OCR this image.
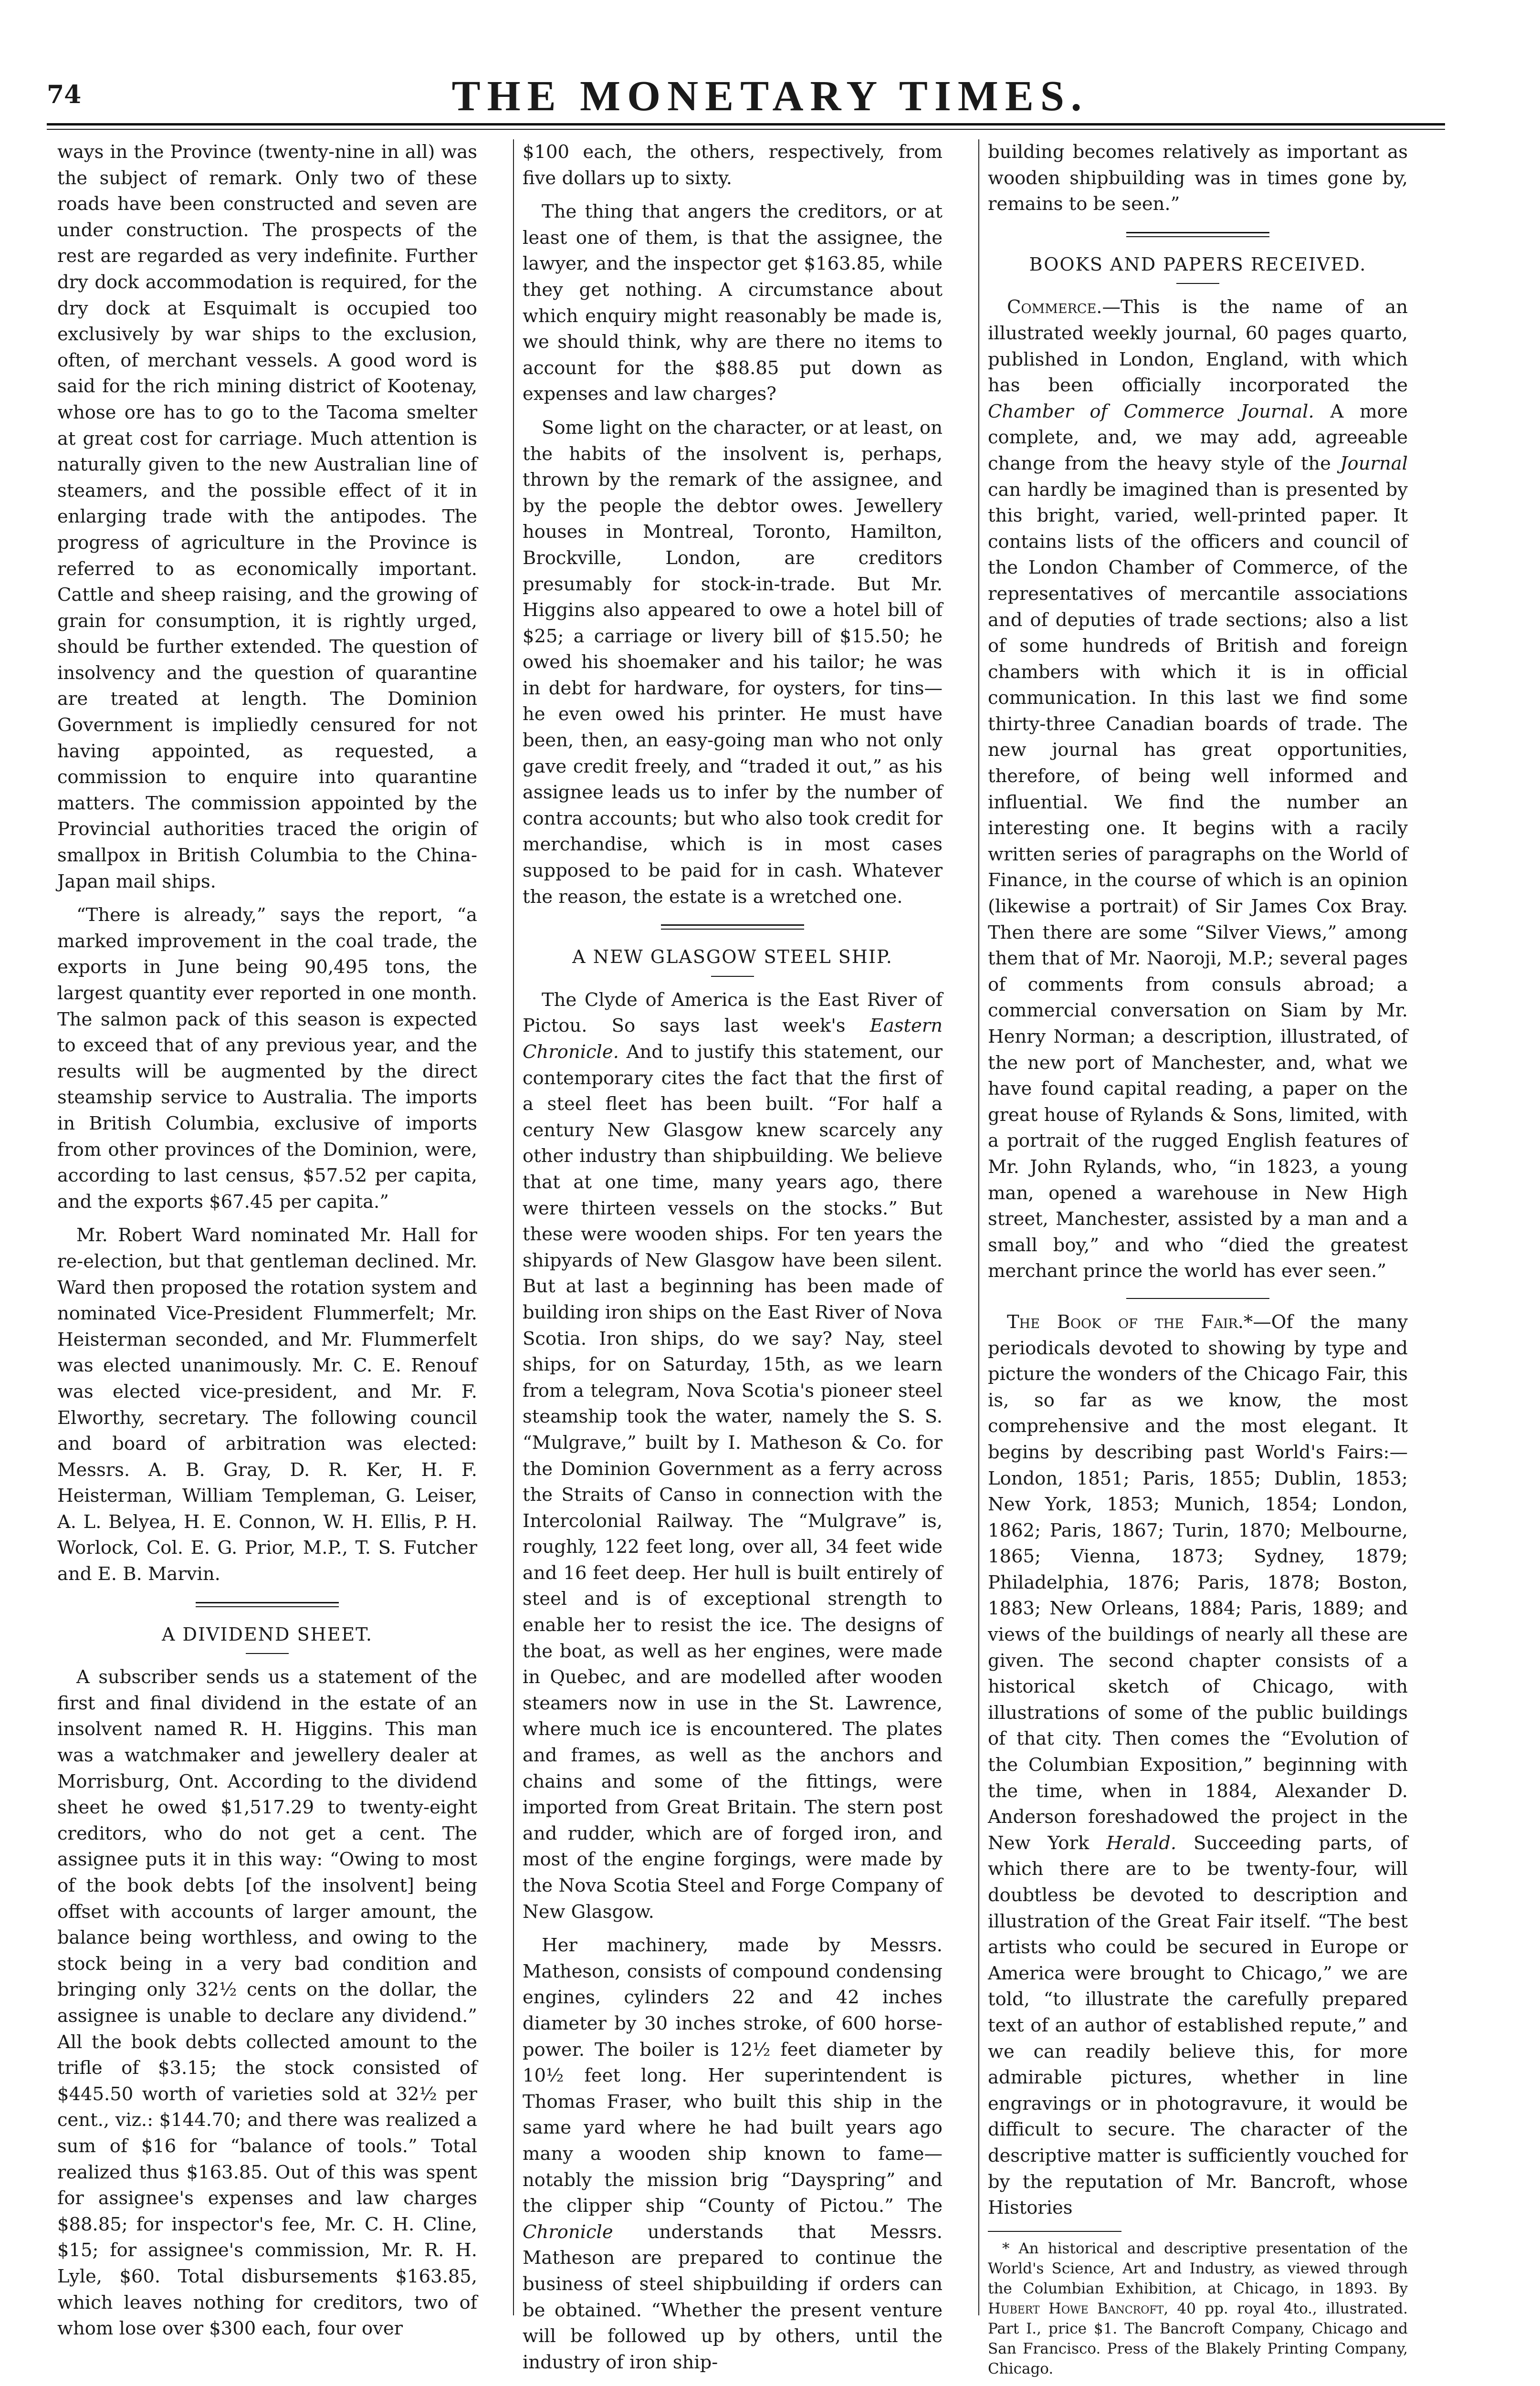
74	THE MONETARY TIMES.

ways in the Province (twenty-nine in all) was the subject of remark. Only two of these roads have been constructed and seven are under construction. The prospects of the rest are regarded as very indefinite. Further dry dock accommodation is required, for the dry dock at Esquimalt is occupied too exclusively by war ships to the exclusion, often, of merchant vessels. A good word is said for the rich mining district of Kootenay, whose ore has to go to the Tacoma smelter at great cost for carriage. Much attention is naturally given to the new Australian line of steamers, and the possible effect of it in enlarging trade with the antipodes. The progress of agriculture in the Province is referred to as economically important. Cattle and sheep raising, and the growing of grain for consumption, it is rightly urged, should be further extended. The question of insolvency and the question of quarantine are treated at length. The Dominion Government is impliedly censured for not having appointed, as requested, a commission to enquire into quarantine matters. The commission appointed by the Provincial authorities traced the origin of smallpox in British Columbia to the China-Japan mail ships.

“There is already,” says the report, “a marked improvement in the coal trade, the exports in June being 90,495 tons, the largest quantity ever reported in one month. The salmon pack of this season is expected to exceed that of any previous year, and the results will be augmented by the direct steamship service to Australia. The imports in British Columbia, exclusive of imports from other provinces of the Dominion, were, according to last census, $57.52 per capita, and the exports $67.45 per capita.”

Mr. Robert Ward nominated Mr. Hall for re-election, but that gentleman declined. Mr. Ward then proposed the rotation system and nominated Vice-President Flummerfelt; Mr. Heisterman seconded, and Mr. Flummerfelt was elected unanimously. Mr. C. E. Renouf was elected vice-president, and Mr. F. Elworthy, secretary. The following council and board of arbitration was elected: Messrs. A. B. Gray, D. R. Ker, H. F. Heisterman, William Templeman, G. Leiser, A. L. Belyea, H. E. Connon, W. H. Ellis, P. H. Worlock, Col. E. G. Prior, M.P., T. S. Futcher and E. B. Marvin.

A DIVIDEND SHEET.

A subscriber sends us a statement of the first and final dividend in the estate of an insolvent named R. H. Higgins. This man was a watchmaker and jewellery dealer at Morrisburg, Ont. According to the dividend sheet he owed $1,517.29 to twenty-eight creditors, who do not get a cent. The assignee puts it in this way: “Owing to most of the book debts [of the insolvent] being offset with accounts of larger amount, the balance being worthless, and owing to the stock being in a very bad condition and bringing only 32½ cents on the dollar, the assignee is unable to declare any dividend.” All the book debts collected amount to the trifle of $3.15; the stock consisted of $445.50 worth of varieties sold at 32½ per cent., viz.: $144.70; and there was realized a sum of $16 for “balance of tools.” Total realized thus $163.85. Out of this was spent for assignee's expenses and law charges $88.85; for inspector's fee, Mr. C. H. Cline, $15; for assignee's commission, Mr. R. H. Lyle, $60. Total disbursements $163.85, which leaves nothing for creditors, two of whom lose over $300 each, four over

$100 each, the others, respectively, from five dollars up to sixty.

The thing that angers the creditors, or at least one of them, is that the assignee, the lawyer, and the inspector get $163.85, while they get nothing. A circumstance about which enquiry might reasonably be made is, we should think, why are there no items to account for the $88.85 put down as expenses and law charges?

Some light on the character, or at least, on the habits of the insolvent is, perhaps, thrown by the remark of the assignee, and by the people the debtor owes. Jewellery houses in Montreal, Toronto, Hamilton, Brockville, London, are creditors presumably for stock-in-trade. But Mr. Higgins also appeared to owe a hotel bill of $25; a carriage or livery bill of $15.50; he owed his shoemaker and his tailor; he was in debt for hardware, for oysters, for tins—he even owed his printer. He must have been, then, an easy-going man who not only gave credit freely, and “traded it out,” as his assignee leads us to infer by the number of contra accounts; but who also took credit for merchandise, which is in most cases supposed to be paid for in cash. Whatever the reason, the estate is a wretched one.

A NEW GLASGOW STEEL SHIP.

The Clyde of America is the East River of Pictou. So says last week's Eastern Chronicle. And to justify this statement, our contemporary cites the fact that the first of a steel fleet has been built. “For half a century New Glasgow knew scarcely any other industry than shipbuilding. We believe that at one time, many years ago, there were thirteen vessels on the stocks.” But these were wooden ships. For ten years the shipyards of New Glasgow have been silent. But at last a beginning has been made of building iron ships on the East River of Nova Scotia. Iron ships, do we say? Nay, steel ships, for on Saturday, 15th, as we learn from a telegram, Nova Scotia's pioneer steel steamship took the water, namely the S. S. “Mulgrave,” built by I. Matheson & Co. for the Dominion Government as a ferry across the Straits of Canso in connection with the Intercolonial Railway. The “Mulgrave” is, roughly, 122 feet long, over all, 34 feet wide and 16 feet deep. Her hull is built entirely of steel and is of exceptional strength to enable her to resist the ice. The designs of the boat, as well as her engines, were made in Quebec, and are modelled after wooden steamers now in use in the St. Lawrence, where much ice is encountered. The plates and frames, as well as the anchors and chains and some of the fittings, were imported from Great Britain. The stern post and rudder, which are of forged iron, and most of the engine forgings, were made by the Nova Scotia Steel and Forge Company of New Glasgow.

Her machinery, made by Messrs. Matheson, consists of compound condensing engines, cylinders 22 and 42 inches diameter by 30 inches stroke, of 600 horse-power. The boiler is 12½ feet diameter by 10½ feet long. Her superintendent is Thomas Fraser, who built this ship in the same yard where he had built years ago many a wooden ship known to fame—notably the mission brig “Dayspring” and the clipper ship “County of Pictou.” The Chronicle understands that Messrs. Matheson are prepared to continue the business of steel shipbuilding if orders can be obtained. “Whether the present venture will be followed up by others, until the industry of iron ship-

building becomes relatively as important as wooden shipbuilding was in times gone by, remains to be seen.”

BOOKS AND PAPERS RECEIVED.

Commerce.—This is the name of an illustrated weekly journal, 60 pages quarto, published in London, England, with which has been officially incorporated the Chamber of Commerce Journal. A more complete, and, we may add, agreeable change from the heavy style of the Journal can hardly be imagined than is presented by this bright, varied, well-printed paper. It contains lists of the officers and council of the London Chamber of Commerce, of the representatives of mercantile associations and of deputies of trade sections; also a list of some hundreds of British and foreign chambers with which it is in official communication. In this last we find some thirty-three Canadian boards of trade. The new journal has great opportunities, therefore, of being well informed and influential. We find the number an interesting one. It begins with a racily written series of paragraphs on the World of Finance, in the course of which is an opinion (likewise a portrait) of Sir James Cox Bray. Then there are some “Silver Views,” among them that of Mr. Naoroji, M.P.; several pages of comments from consuls abroad; a commercial conversation on Siam by Mr. Henry Norman; a description, illustrated, of the new port of Manchester, and, what we have found capital reading, a paper on the great house of Rylands & Sons, limited, with a portrait of the rugged English features of Mr. John Rylands, who, “in 1823, a young man, opened a warehouse in New High street, Manchester, assisted by a man and a small boy,” and who “died the greatest merchant prince the world has ever seen.”

The Book of the Fair.*—Of the many periodicals devoted to showing by type and picture the wonders of the Chicago Fair, this is, so far as we know, the most comprehensive and the most elegant. It begins by describing past World's Fairs:—London, 1851; Paris, 1855; Dublin, 1853; New York, 1853; Munich, 1854; London, 1862; Paris, 1867; Turin, 1870; Melbourne, 1865; Vienna, 1873; Sydney, 1879; Philadelphia, 1876; Paris, 1878; Boston, 1883; New Orleans, 1884; Paris, 1889; and views of the buildings of nearly all these are given. The second chapter consists of a historical sketch of Chicago, with illustrations of some of the public buildings of that city. Then comes the “Evolution of the Columbian Exposition,” beginning with the time, when in 1884, Alexander D. Anderson foreshadowed the project in the New York Herald. Succeeding parts, of which there are to be twenty-four, will doubtless be devoted to description and illustration of the Great Fair itself. “The best artists who could be secured in Europe or America were brought to Chicago,” we are told, “to illustrate the carefully prepared text of an author of established repute,” and we can readily believe this, for more admirable pictures, whether in line engravings or in photogravure, it would be difficult to secure. The character of the descriptive matter is sufficiently vouched for by the reputation of Mr. Bancroft, whose Histories

* An historical and descriptive presentation of the World's Science, Art and Industry, as viewed through the Columbian Exhibition, at Chicago, in 1893. By Hubert Howe Bancroft, 40 pp. royal 4to., illustrated. Part I., price $1. The Bancroft Company, Chicago and San Francisco. Press of the Blakely Printing Company, Chicago.
